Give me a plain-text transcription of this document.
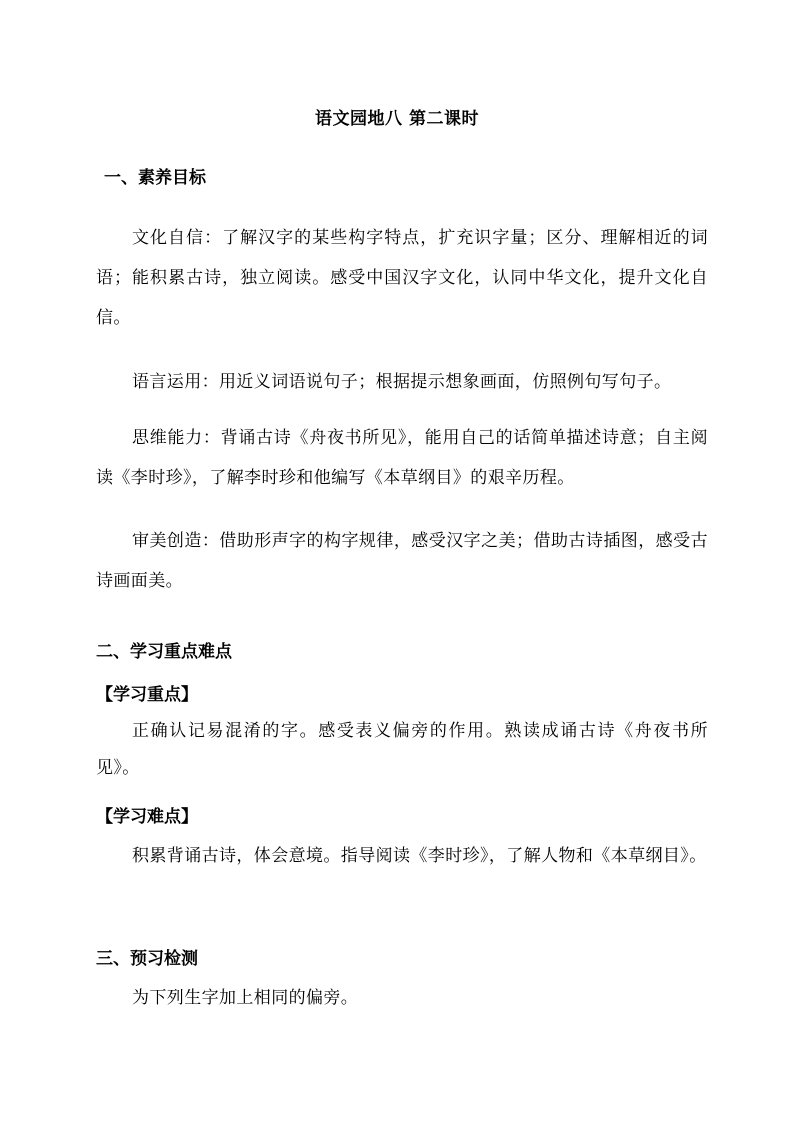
语文园地八 第二课时
一、素养目标
文化自信：了解汉字的某些构字特点，扩充识字量；区分、理解相近的词语；能积累古诗，独立阅读。感受中国汉字文化，认同中华文化，提升文化自信。
语言运用：用近义词语说句子；根据提示想象画面，仿照例句写句子。
思维能力：背诵古诗《舟夜书所见》，能用自己的话简单描述诗意；自主阅读《李时珍》，了解李时珍和他编写《本草纲目》的艰辛历程。
审美创造：借助形声字的构字规律，感受汉字之美；借助古诗插图，感受古诗画面美。
二、学习重点难点
【学习重点】
正确认记易混淆的字。感受表义偏旁的作用。熟读成诵古诗《舟夜书所见》。
【学习难点】
积累背诵古诗，体会意境。指导阅读《李时珍》，了解人物和《本草纲目》。
三、预习检测
为下列生字加上相同的偏旁。
